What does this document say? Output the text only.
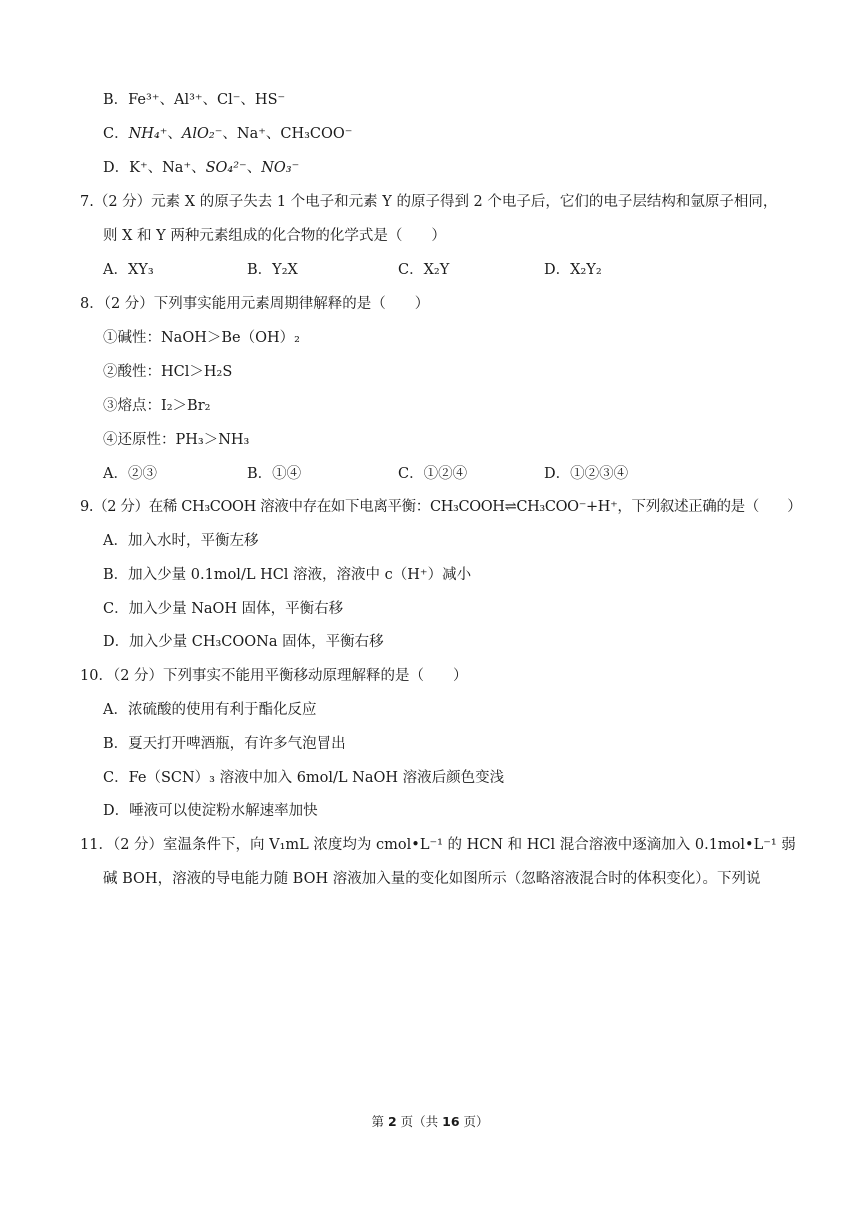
B．Fe³⁺、Al³⁺、Cl⁻、HS⁻
C．NH₄⁺、AlO₂⁻、Na⁺、CH₃COO⁻
D．K⁺、Na⁺、SO₄²⁻、NO₃⁻
7.（2 分）元素 X 的原子失去 1 个电子和元素 Y 的原子得到 2 个电子后，它们的电子层结构和氩原子相同，
则 X 和 Y 两种元素组成的化合物的化学式是（　　）
A．XY₃	B．Y₂X	C．X₂Y	D．X₂Y₂
8．（2 分）下列事实能用元素周期律解释的是（　　）
①碱性：NaOH＞Be（OH）₂
②酸性：HCl＞H₂S
③熔点：I₂＞Br₂
④还原性：PH₃＞NH₃
A．②③	B．①④	C．①②④	D．①②③④
9.（2 分）在稀 CH₃COOH 溶液中存在如下电离平衡：CH₃COOH⇌CH₃COO⁻+H⁺，下列叙述正确的是（　　）
A．加入水时，平衡左移
B．加入少量 0.1mol/L HCl 溶液，溶液中 c（H⁺）减小
C．加入少量 NaOH 固体，平衡右移
D．加入少量 CH₃COONa 固体，平衡右移
10．（2 分）下列事实不能用平衡移动原理解释的是（　　）
A．浓硫酸的使用有利于酯化反应
B．夏天打开啤酒瓶，有许多气泡冒出
C．Fe（SCN）₃ 溶液中加入 6mol/L NaOH 溶液后颜色变浅
D．唾液可以使淀粉水解速率加快
11．（2 分）室温条件下，向 V₁mL 浓度均为 cmol•L⁻¹ 的 HCN 和 HCl 混合溶液中逐滴加入 0.1mol•L⁻¹ 弱
碱 BOH，溶液的导电能力随 BOH 溶液加入量的变化如图所示（忽略溶液混合时的体积变化）。下列说
第 2 页（共 16 页）
